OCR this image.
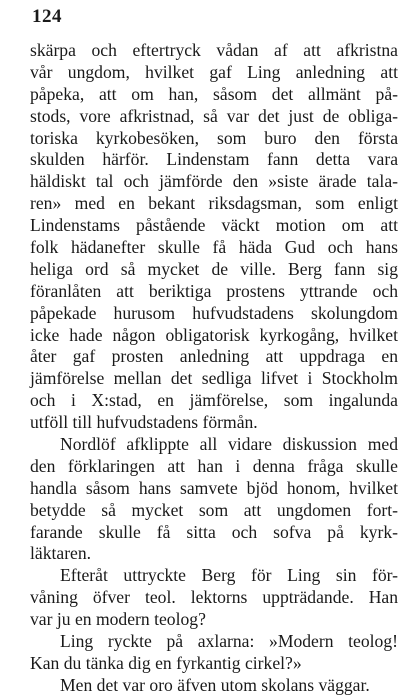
124
skärpa och eftertryck vådan af att afkristna
vår ungdom, hvilket gaf Ling anledning att
påpeka, att om han, såsom det allmänt på-
stods, vore afkristnad, så var det just de obliga-
toriska kyrkobesöken, som buro den första
skulden härför. Lindenstam fann detta vara
häldiskt tal och jämförde den »siste ärade tala-
ren» med en bekant riksdagsman, som enligt
Lindenstams påstående väckt motion om att
folk hädanefter skulle få häda Gud och hans
heliga ord så mycket de ville. Berg fann sig
föranlåten att beriktiga prostens yttrande och
påpekade hurusom hufvudstadens skolungdom
icke hade någon obligatorisk kyrkogång, hvilket
åter gaf prosten anledning att uppdraga en
jämförelse mellan det sedliga lifvet i Stockholm
och i X:stad, en jämförelse, som ingalunda
utföll till hufvudstadens förmån.
Nordlöf afklippte all vidare diskussion med
den förklaringen att han i denna fråga skulle
handla såsom hans samvete bjöd honom, hvilket
betydde så mycket som att ungdomen fort-
farande skulle få sitta och sofva på kyrk-
läktaren.
Efteråt uttryckte Berg för Ling sin för-
våning öfver teol. lektorns uppträdande. Han
var ju en modern teolog?
Ling ryckte på axlarna: »Modern teolog!
Kan du tänka dig en fyrkantig cirkel?»
Men det var oro äfven utom skolans väggar.
